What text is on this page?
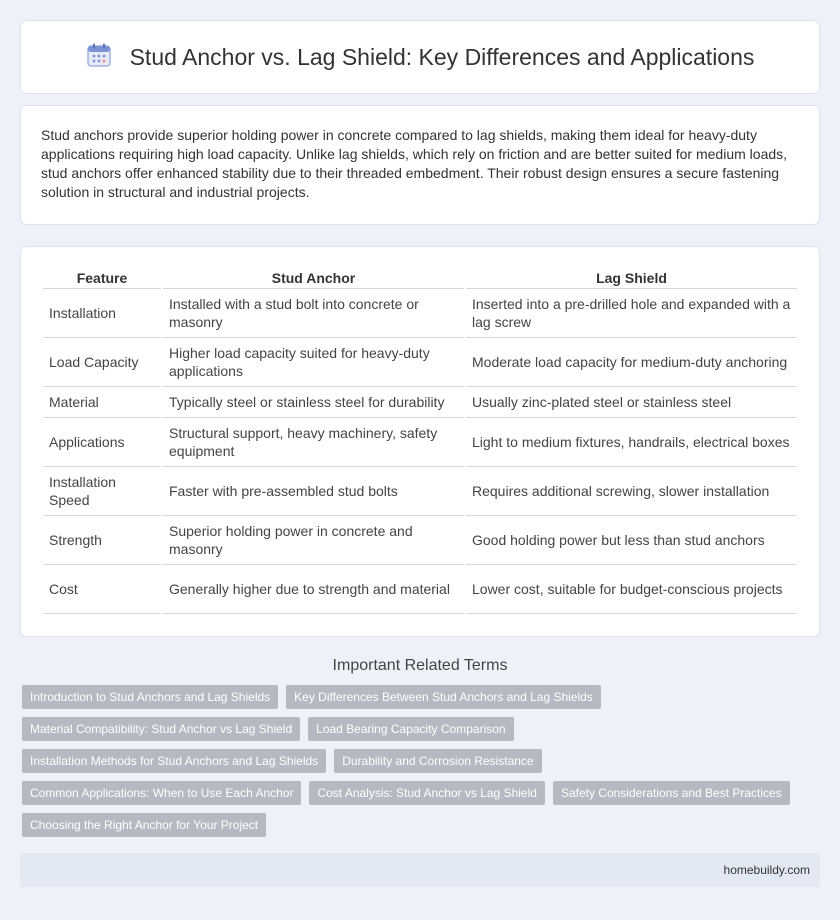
Stud Anchor vs. Lag Shield: Key Differences and Applications

Stud anchors provide superior holding power in concrete compared to lag shields, making them ideal for heavy-duty applications requiring high load capacity. Unlike lag shields, which rely on friction and are better suited for medium loads, stud anchors offer enhanced stability due to their threaded embedment. Their robust design ensures a secure fastening solution in structural and industrial projects.

Feature	Stud Anchor	Lag Shield
Installation	Installed with a stud bolt into concrete or masonry	Inserted into a pre-drilled hole and expanded with a lag screw
Load Capacity	Higher load capacity suited for heavy-duty applications	Moderate load capacity for medium-duty anchoring
Material	Typically steel or stainless steel for durability	Usually zinc-plated steel or stainless steel
Applications	Structural support, heavy machinery, safety equipment	Light to medium fixtures, handrails, electrical boxes
Installation Speed	Faster with pre-assembled stud bolts	Requires additional screwing, slower installation
Strength	Superior holding power in concrete and masonry	Good holding power but less than stud anchors
Cost	Generally higher due to strength and material	Lower cost, suitable for budget-conscious projects
Important Related Terms
Introduction to Stud Anchors and Lag Shields	Key Differences Between Stud Anchors and Lag Shields
Material Compatibility: Stud Anchor vs Lag Shield	Load Bearing Capacity Comparison
Installation Methods for Stud Anchors and Lag Shields	Durability and Corrosion Resistance
Common Applications: When to Use Each Anchor	Cost Analysis: Stud Anchor vs Lag Shield	Safety Considerations and Best Practices
Choosing the Right Anchor for Your Project
homebuildy.com
